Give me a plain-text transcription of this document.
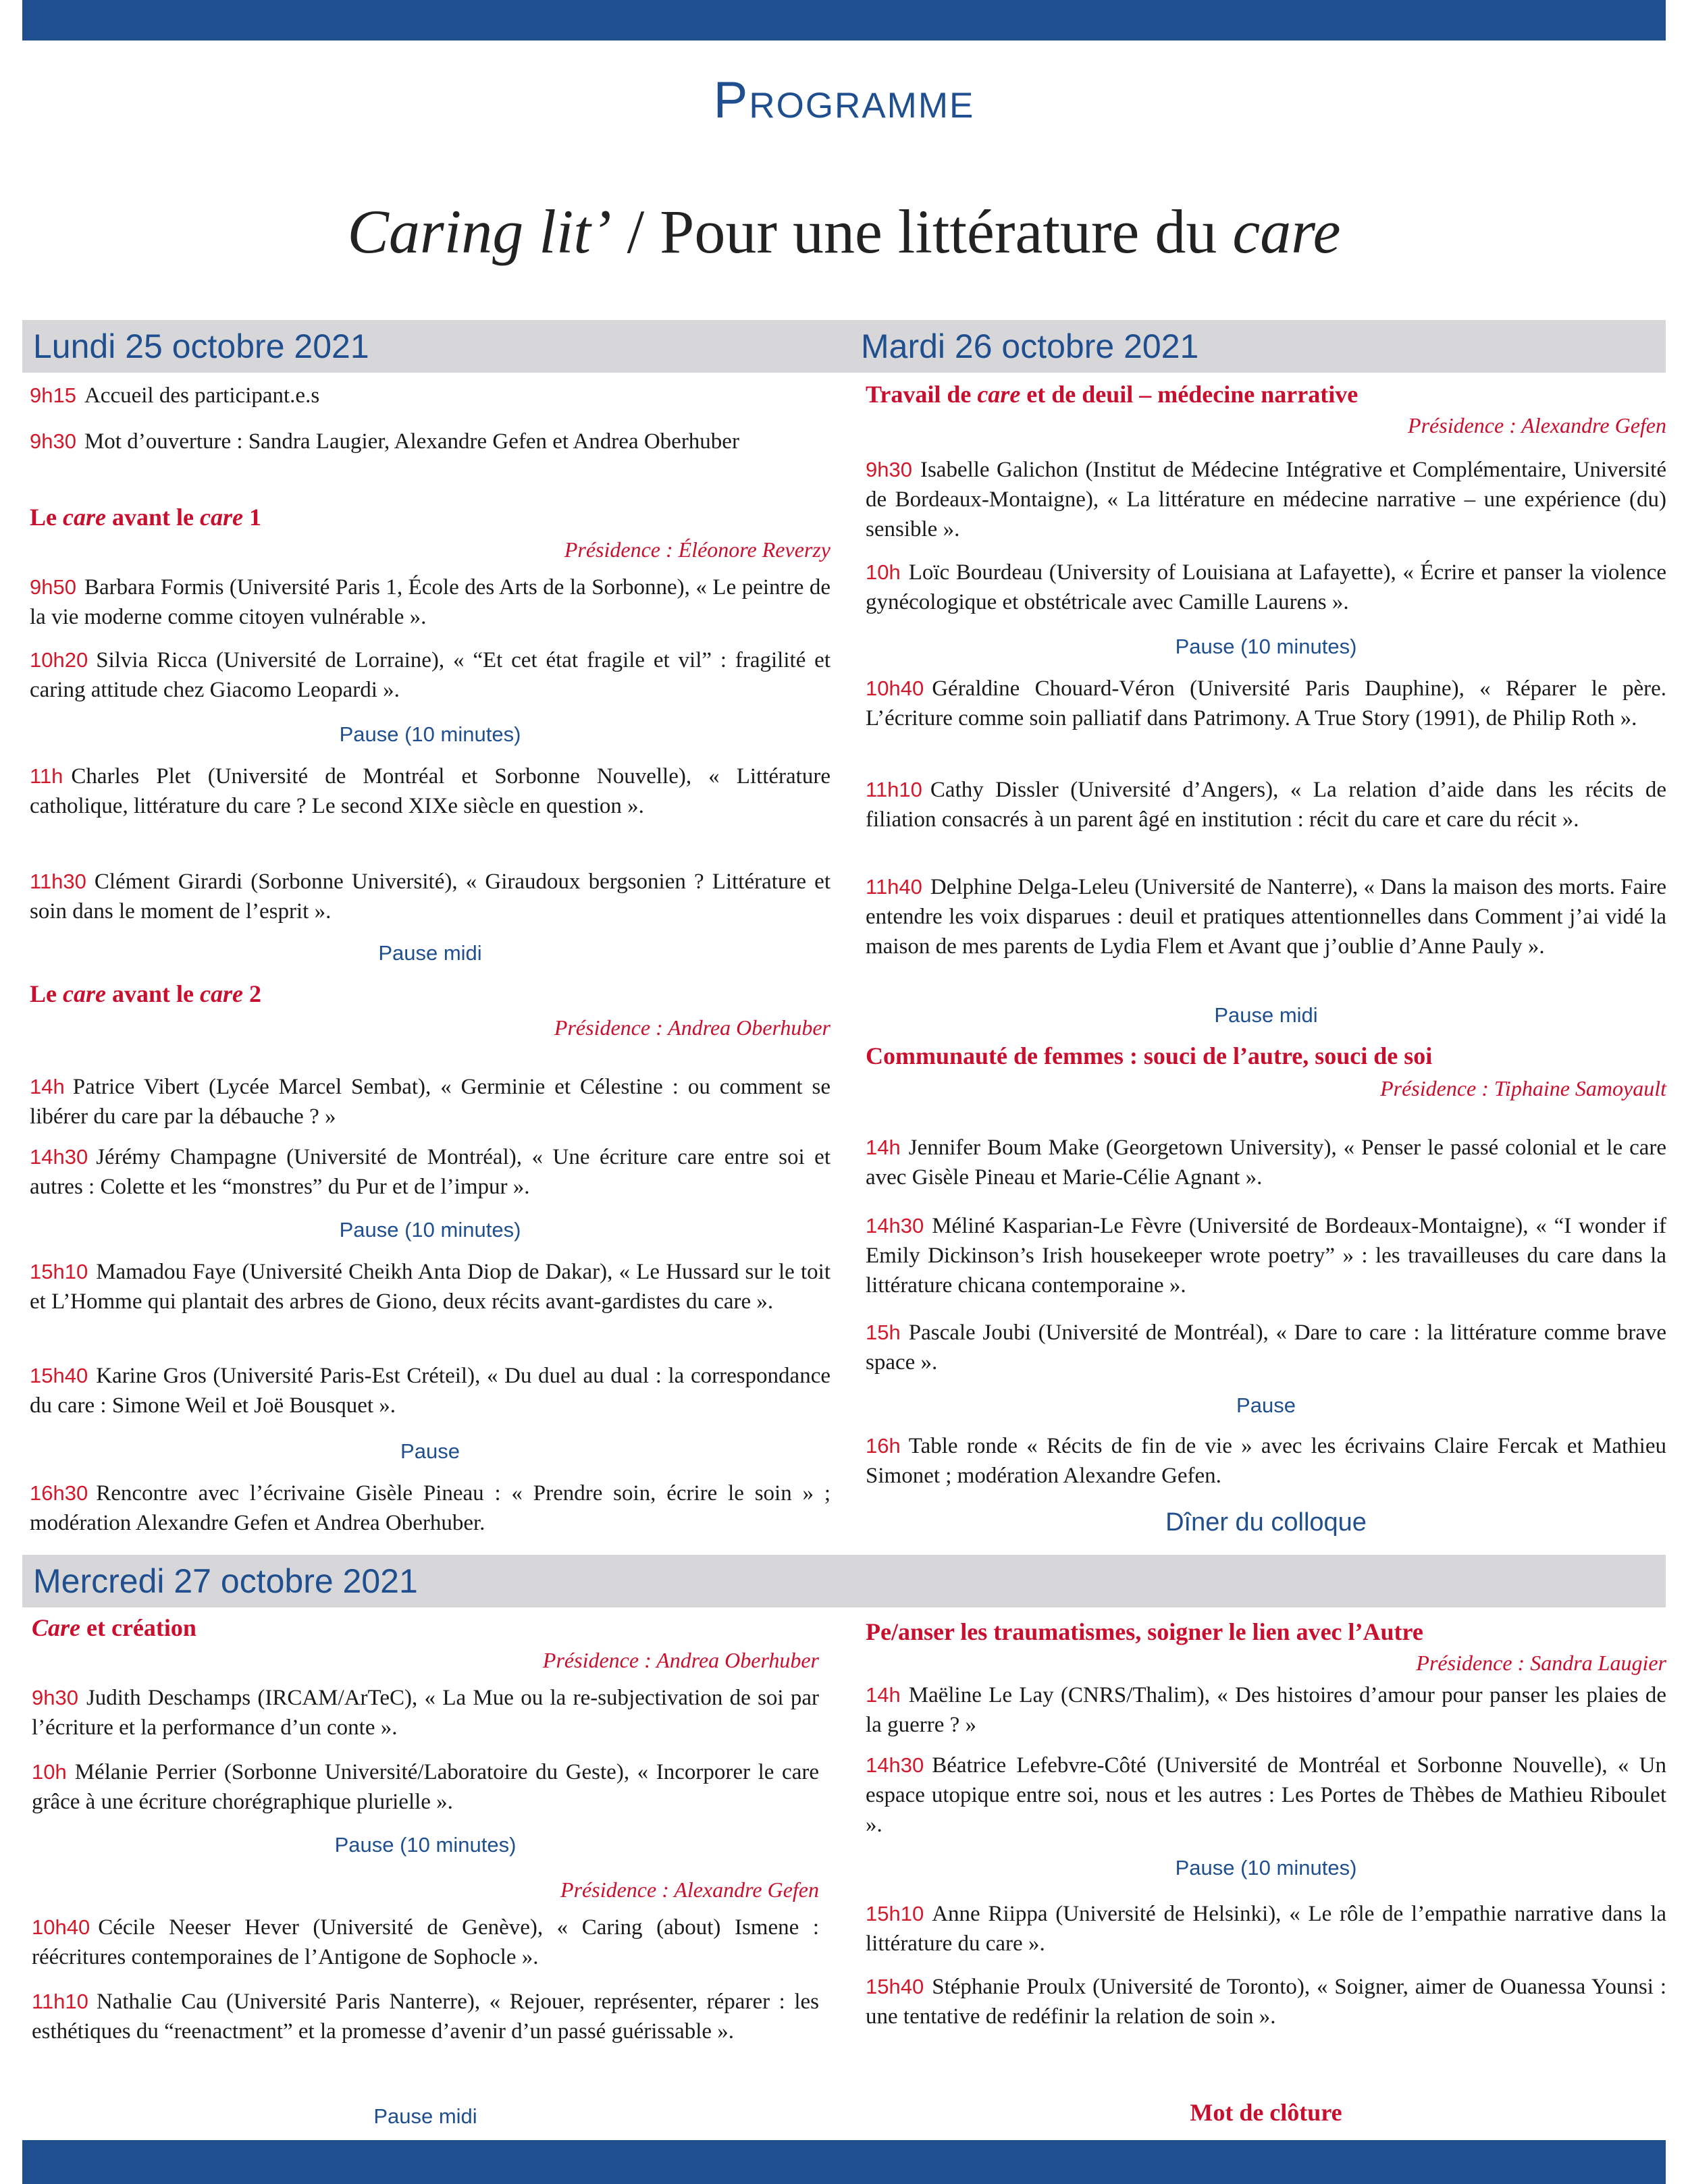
Programme
Caring lit’ / Pour une littérature du care
Lundi 25 octobre 2021
9h15 Accueil des participant.e.s
9h30 Mot d’ouverture : Sandra Laugier, Alexandre Gefen et Andrea Oberhuber
Le care avant le care 1
Présidence : Éléonore Reverzy
9h50 Barbara Formis (Université Paris 1, École des Arts de la Sorbonne), « Le peintre de la vie moderne comme citoyen vulnérable ».
10h20 Silvia Ricca (Université de Lorraine), « “Et cet état fragile et vil” : fragilité et caring attitude chez Giacomo Leopardi ».
Pause (10 minutes)
11h Charles Plet (Université de Montréal et Sorbonne Nouvelle), « Littérature catholique, littérature du care ? Le second XIXe siècle en question ».
11h30 Clément Girardi (Sorbonne Université), « Giraudoux bergsonien ? Littérature et soin dans le moment de l’esprit ».
Pause midi
Le care avant le care 2
Présidence : Andrea Oberhuber
14h Patrice Vibert (Lycée Marcel Sembat), « Germinie et Célestine : ou comment se libérer du care par la débauche ? »
14h30 Jérémy Champagne (Université de Montréal), « Une écriture care entre soi et autres : Colette et les “monstres” du Pur et de l’impur ».
Pause (10 minutes)
15h10 Mamadou Faye (Université Cheikh Anta Diop de Dakar), « Le Hussard sur le toit et L’Homme qui plantait des arbres de Giono, deux récits avant-gardistes du care ».
15h40 Karine Gros (Université Paris-Est Créteil), « Du duel au dual : la correspondance du care : Simone Weil et Joë Bousquet ».
Pause
16h30 Rencontre avec l’écrivaine Gisèle Pineau : « Prendre soin, écrire le soin » ; modération Alexandre Gefen et Andrea Oberhuber.
Mardi 26 octobre 2021
Travail de care et de deuil – médecine narrative
Présidence : Alexandre Gefen
9h30 Isabelle Galichon (Institut de Médecine Intégrative et Complémentaire, Université de Bordeaux-Montaigne), « La littérature en médecine narrative – une expérience (du) sensible ».
10h Loïc Bourdeau (University of Louisiana at Lafayette), « Écrire et panser la violence gynécologique et obstétricale avec Camille Laurens ».
Pause (10 minutes)
10h40 Géraldine Chouard-Véron (Université Paris Dauphine), « Réparer le père. L’écriture comme soin palliatif dans Patrimony. A True Story (1991), de Philip Roth ».
11h10 Cathy Dissler (Université d’Angers), « La relation d’aide dans les récits de filiation consacrés à un parent âgé en institution : récit du care et care du récit ».
11h40 Delphine Delga-Leleu (Université de Nanterre), « Dans la maison des morts. Faire entendre les voix disparues : deuil et pratiques attentionnelles dans Comment j’ai vidé la maison de mes parents de Lydia Flem et Avant que j’oublie d’Anne Pauly ».
Pause midi
Communauté de femmes : souci de l’autre, souci de soi
Présidence : Tiphaine Samoyault
14h Jennifer Boum Make (Georgetown University), « Penser le passé colonial et le care avec Gisèle Pineau et Marie-Célie Agnant ».
14h30 Méliné Kasparian-Le Fèvre (Université de Bordeaux-Montaigne), « “I wonder if Emily Dickinson’s Irish housekeeper wrote poetry” » : les travailleuses du care dans la littérature chicana contemporaine ».
15h Pascale Joubi (Université de Montréal), « Dare to care : la littérature comme brave space ».
Pause
16h Table ronde « Récits de fin de vie » avec les écrivains Claire Fercak et Mathieu Simonet ; modération Alexandre Gefen.
Dîner du colloque
Mercredi 27 octobre 2021
Care et création
Présidence : Andrea Oberhuber
9h30 Judith Deschamps (IRCAM/ArTeC), « La Mue ou la re-subjectivation de soi par l’écriture et la performance d’un conte ».
10h Mélanie Perrier (Sorbonne Université/Laboratoire du Geste), « Incorporer le care grâce à une écriture chorégraphique plurielle ».
Pause (10 minutes)
Présidence : Alexandre Gefen
10h40 Cécile Neeser Hever (Université de Genève), « Caring (about) Ismene : réécritures contemporaines de l’Antigone de Sophocle ».
11h10 Nathalie Cau (Université Paris Nanterre), « Rejouer, représenter, réparer : les esthétiques du “reenactment” et la promesse d’avenir d’un passé guérissable ».
Pause midi
Pe/anser les traumatismes, soigner le lien avec l’Autre
Présidence : Sandra Laugier
14h Maëline Le Lay (CNRS/Thalim), « Des histoires d’amour pour panser les plaies de la guerre ? »
14h30 Béatrice Lefebvre-Côté (Université de Montréal et Sorbonne Nouvelle), « Un espace utopique entre soi, nous et les autres : Les Portes de Thèbes de Mathieu Riboulet ».
Pause (10 minutes)
15h10 Anne Riippa (Université de Helsinki), « Le rôle de l’empathie narrative dans la littérature du care ».
15h40 Stéphanie Proulx (Université de Toronto), « Soigner, aimer de Ouanessa Younsi : une tentative de redéfinir la relation de soin ».
Mot de clôture
